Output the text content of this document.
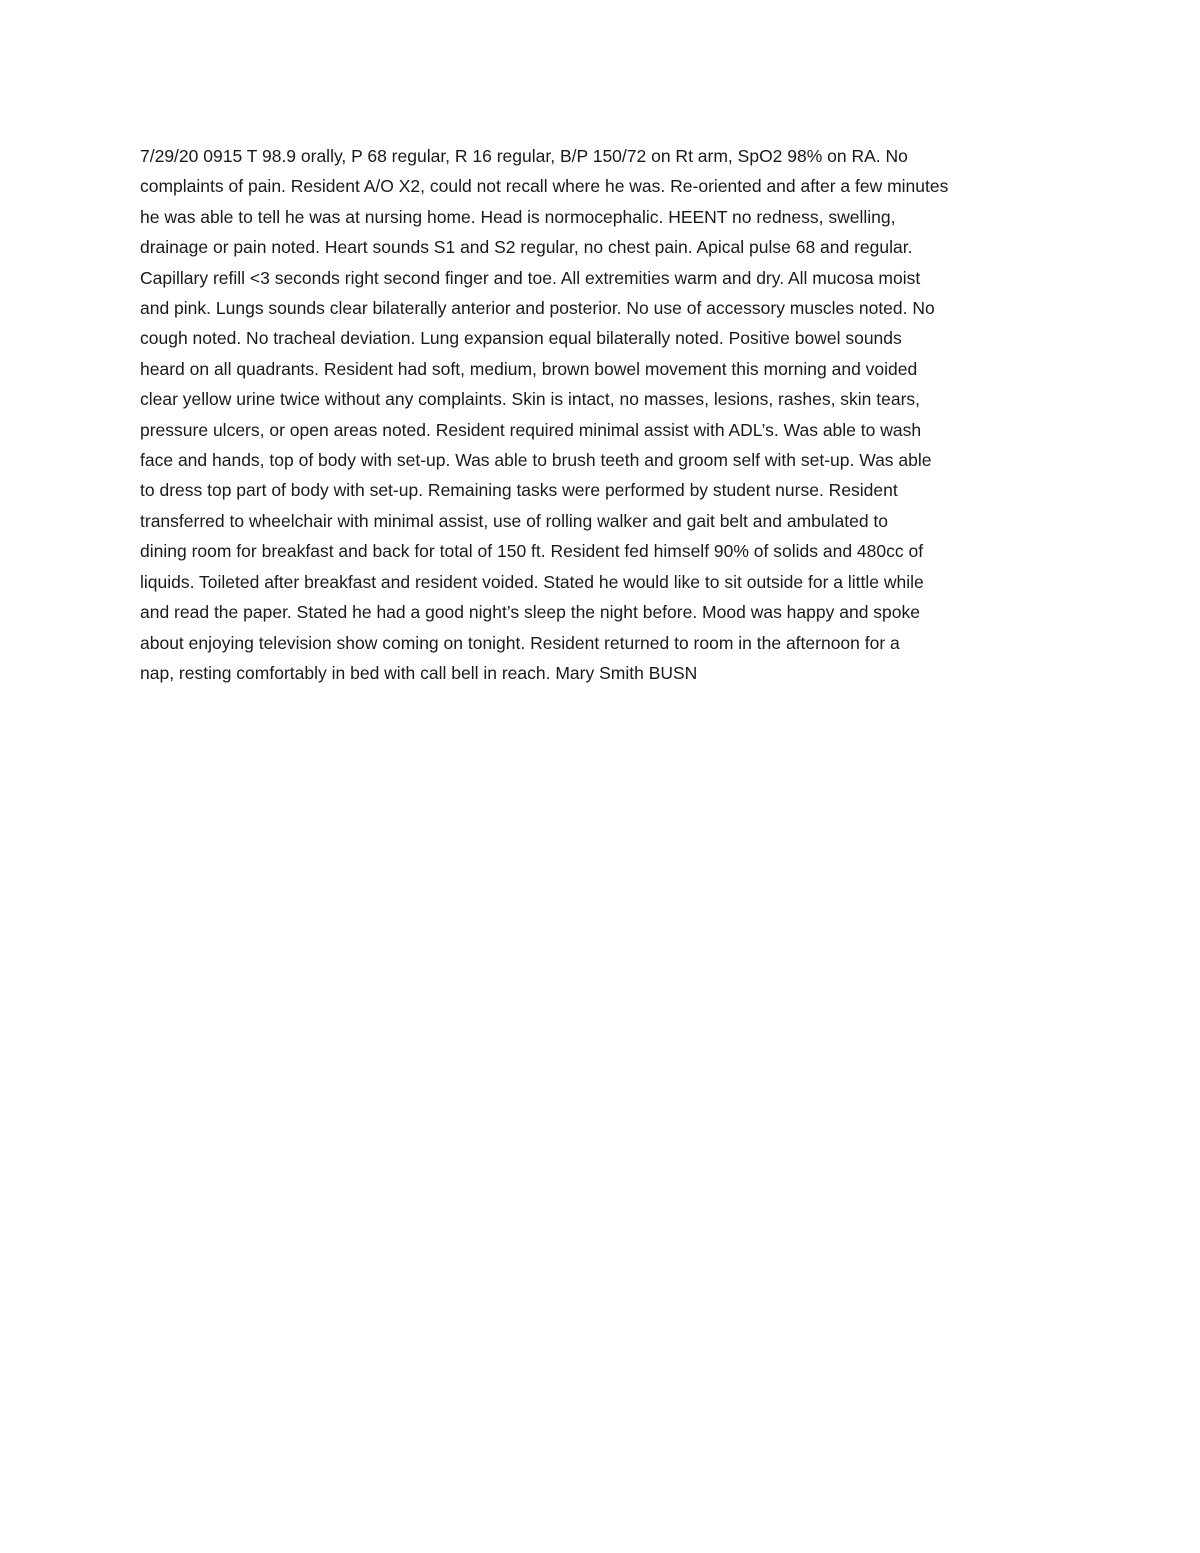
7/29/20 0915 T 98.9 orally, P 68 regular, R 16 regular, B/P 150/72 on Rt arm, SpO2 98% on RA. No
complaints of pain. Resident A/O X2, could not recall where he was. Re-oriented and after a few minutes
he was able to tell he was at nursing home. Head is normocephalic. HEENT no redness, swelling,
drainage or pain noted. Heart sounds S1 and S2 regular, no chest pain. Apical pulse 68 and regular.
Capillary refill <3 seconds right second finger and toe. All extremities warm and dry. All mucosa moist
and pink. Lungs sounds clear bilaterally anterior and posterior. No use of accessory muscles noted. No
cough noted. No tracheal deviation. Lung expansion equal bilaterally noted. Positive bowel sounds
heard on all quadrants. Resident had soft, medium, brown bowel movement this morning and voided
clear yellow urine twice without any complaints. Skin is intact, no masses, lesions, rashes, skin tears,
pressure ulcers, or open areas noted. Resident required minimal assist with ADL’s. Was able to wash
face and hands, top of body with set-up. Was able to brush teeth and groom self with set-up. Was able
to dress top part of body with set-up. Remaining tasks were performed by student nurse. Resident
transferred to wheelchair with minimal assist, use of rolling walker and gait belt and ambulated to
dining room for breakfast and back for total of 150 ft. Resident fed himself 90% of solids and 480cc of
liquids. Toileted after breakfast and resident voided. Stated he would like to sit outside for a little while
and read the paper. Stated he had a good night’s sleep the night before. Mood was happy and spoke
about enjoying television show coming on tonight. Resident returned to room in the afternoon for a
nap, resting comfortably in bed with call bell in reach. Mary Smith BUSN
